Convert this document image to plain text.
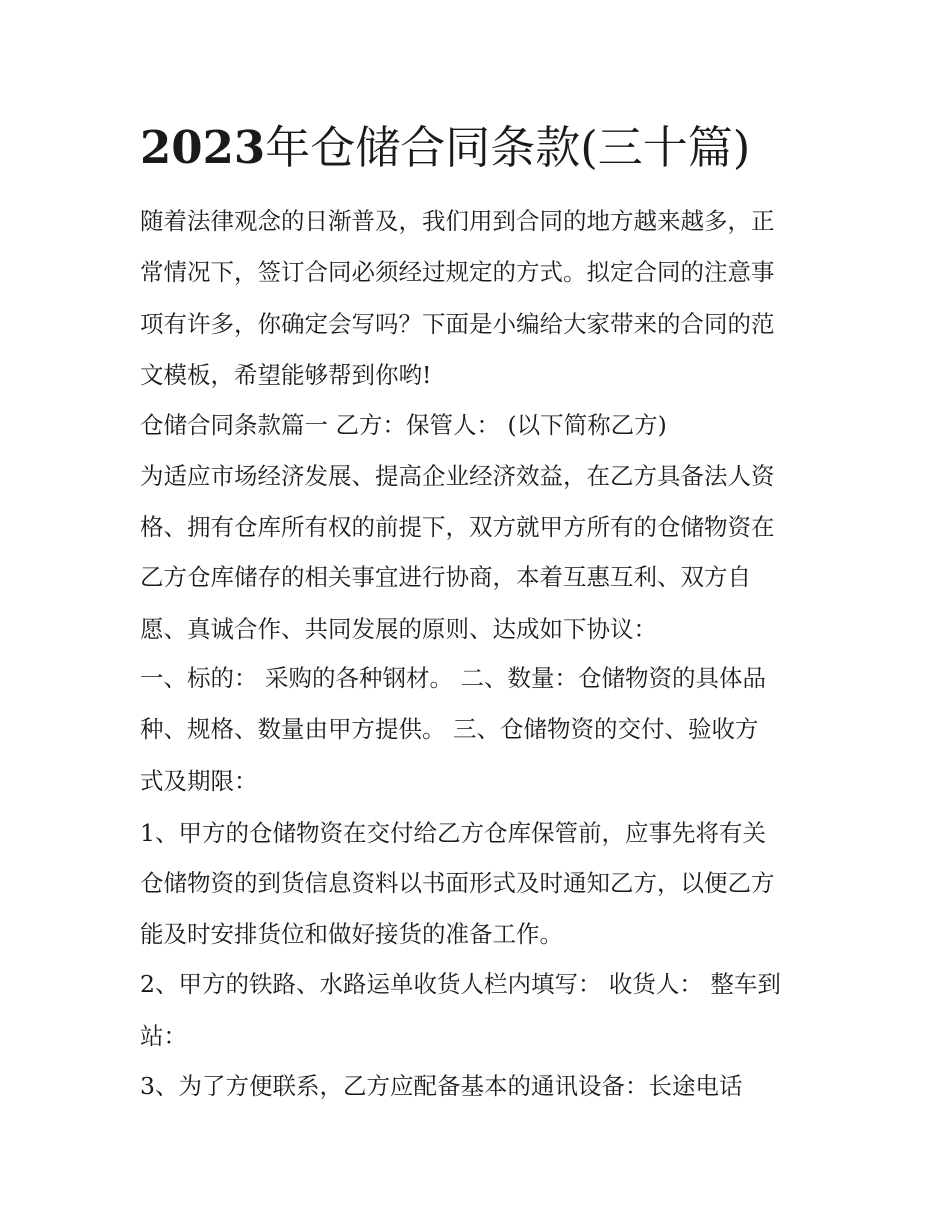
2023年仓储合同条款(三十篇)

随着法律观念的日渐普及，我们用到合同的地方越来越多，正

常情况下，签订合同必须经过规定的方式。拟定合同的注意事

项有许多，你确定会写吗？下面是小编给大家带来的合同的范

文模板，希望能够帮到你哟!

仓储合同条款篇一 乙方：保管人： (以下简称乙方)

为适应市场经济发展、提高企业经济效益，在乙方具备法人资

格、拥有仓库所有权的前提下，双方就甲方所有的仓储物资在

乙方仓库储存的相关事宜进行协商，本着互惠互利、双方自

愿、真诚合作、共同发展的原则、达成如下协议：

一、标的： 采购的各种钢材。 二、数量：仓储物资的具体品

种、规格、数量由甲方提供。 三、仓储物资的交付、验收方

式及期限：

1、甲方的仓储物资在交付给乙方仓库保管前，应事先将有关

仓储物资的到货信息资料以书面形式及时通知乙方，以便乙方

能及时安排货位和做好接货的准备工作。

2、甲方的铁路、水路运单收货人栏内填写： 收货人： 整车到

站：

3、为了方便联系，乙方应配备基本的通讯设备：长途电话
